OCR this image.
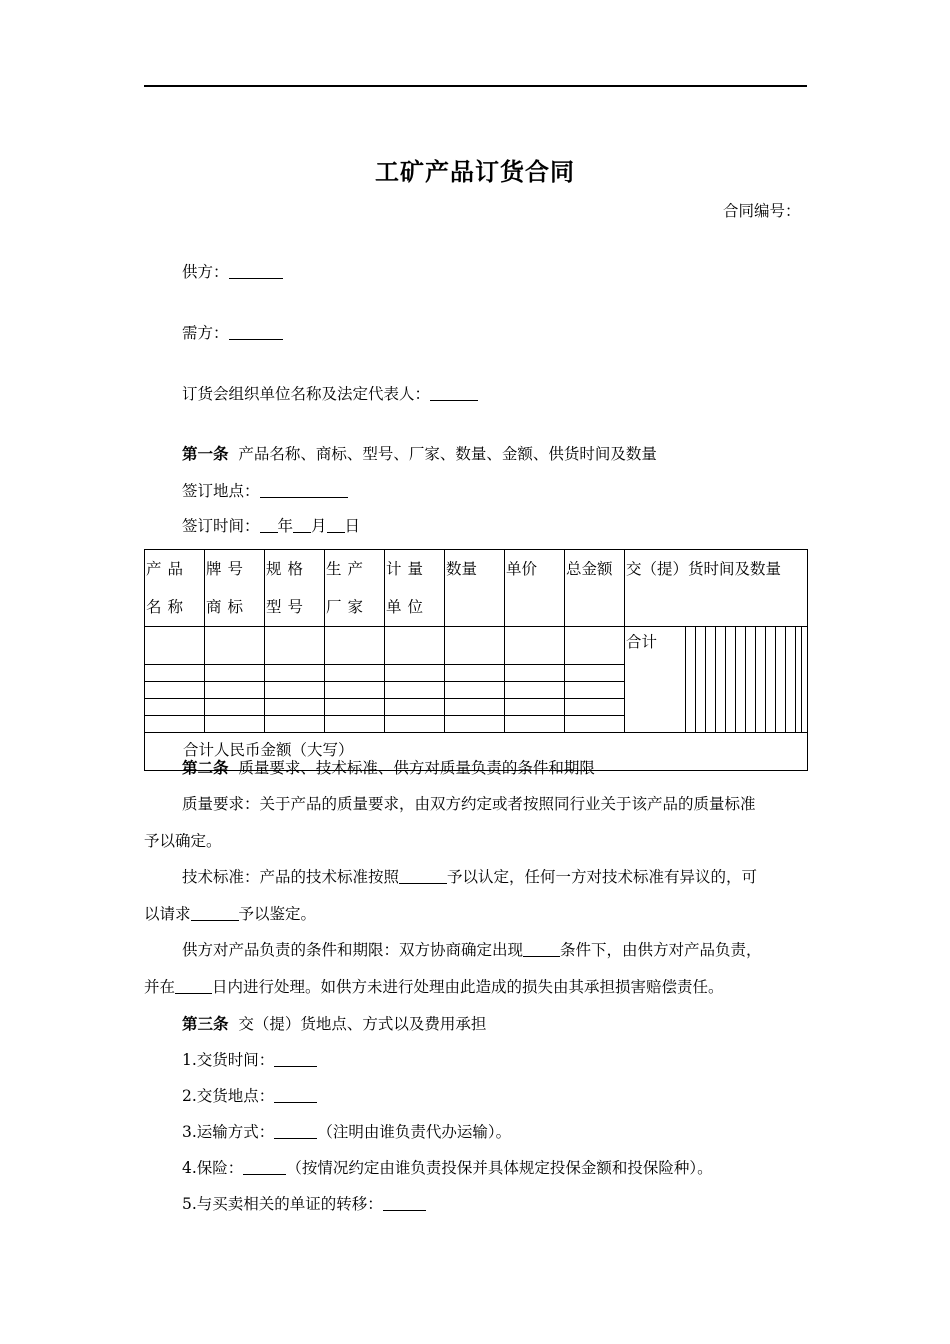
工矿产品订货合同
合同编号：
供方：
需方：
订货会组织单位名称及法定代表人：
第一条 产品名称、商标、型号、厂家、数量、金额、供货时间及数量
签订地点：
签订时间： 年 月 日
产品名称	牌号商标	规格型号	生产厂家	计量单位	数量	单价	总金额	交（提）货时间及数量

合计													

合计人民币金额（大写）
第二条 质量要求、技术标准、供方对质量负责的条件和期限
质量要求：关于产品的质量要求，由双方约定或者按照同行业关于该产品的质量标准
予以确定。
技术标准：产品的技术标准按照	予以认定，任何一方对技术标准有异议的，可
以请求	予以鉴定。
供方对产品负责的条件和期限：双方协商确定出现 条件下，由供方对产品负责，
并在 日内进行处理。如供方未进行处理由此造成的损失由其承担损害赔偿责任。
第三条 交（提）货地点、方式以及费用承担
1.交货时间：
2.交货地点：
3.运输方式：	（注明由谁负责代办运输）。
4.保险：	（按情况约定由谁负责投保并具体规定投保金额和投保险种）。
5.与买卖相关的单证的转移：
